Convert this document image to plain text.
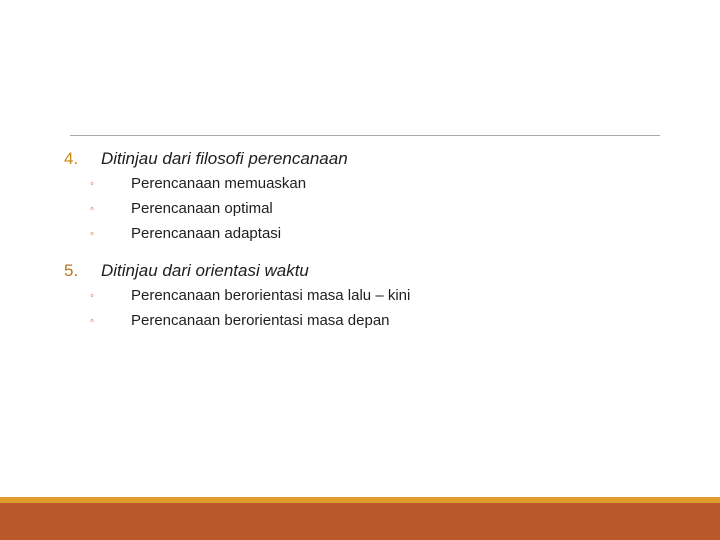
4. Ditinjau dari filosofi perencanaan
◦	Perencanaan memuaskan
◦	Perencanaan optimal
◦	Perencanaan adaptasi
5. Ditinjau dari orientasi waktu
◦	Perencanaan berorientasi masa lalu – kini
◦	Perencanaan berorientasi masa depan
